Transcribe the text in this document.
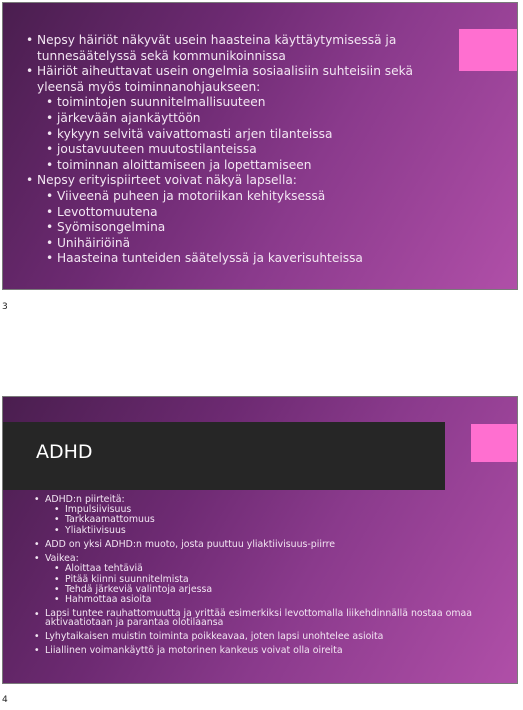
• Nepsy häiriöt näkyvät usein haasteina käyttäytymisessä ja tunnesäätelyssä sekä kommunikoinnissa
• Häiriöt aiheuttavat usein ongelmia sosiaalisiin suhteisiin sekä yleensä myös toiminnanohjaukseen:
• toimintojen suunnitelmallisuuteen
• järkevään ajankäyttöön
• kykyyn selvitä vaivattomasti arjen tilanteissa
• joustavuuteen muutostilanteissa
• toiminnan aloittamiseen ja lopettamiseen
• Nepsy erityispiirteet voivat näkyä lapsella:
• Viiveenä puheen ja motoriikan kehityksessä
• Levottomuutena
• Syömisongelmina
• Unihäiriöinä
• Haasteina tunteiden säätelyssä ja kaverisuhteissa
3
ADHD
• ADHD:n piirteitä:
• Impulsiivisuus
• Tarkkaamattomuus
• Yliaktiivisuus
• ADD on yksi ADHD:n muoto, josta puuttuu yliaktiivisuus-piirre
• Vaikea:
• Aloittaa tehtäviä
• Pitää kiinni suunnitelmista
• Tehdä järkeviä valintoja arjessa
• Hahmottaa asioita
• Lapsi tuntee rauhattomuutta ja yrittää esimerkiksi levottomalla liikehdinnällä nostaa omaa aktivaatiotaan ja parantaa olotilaansa
• Lyhytaikaisen muistin toiminta poikkeavaa, joten lapsi unohtelee asioita
• Liiallinen voimankäyttö ja motorinen kankeus voivat olla oireita
4
